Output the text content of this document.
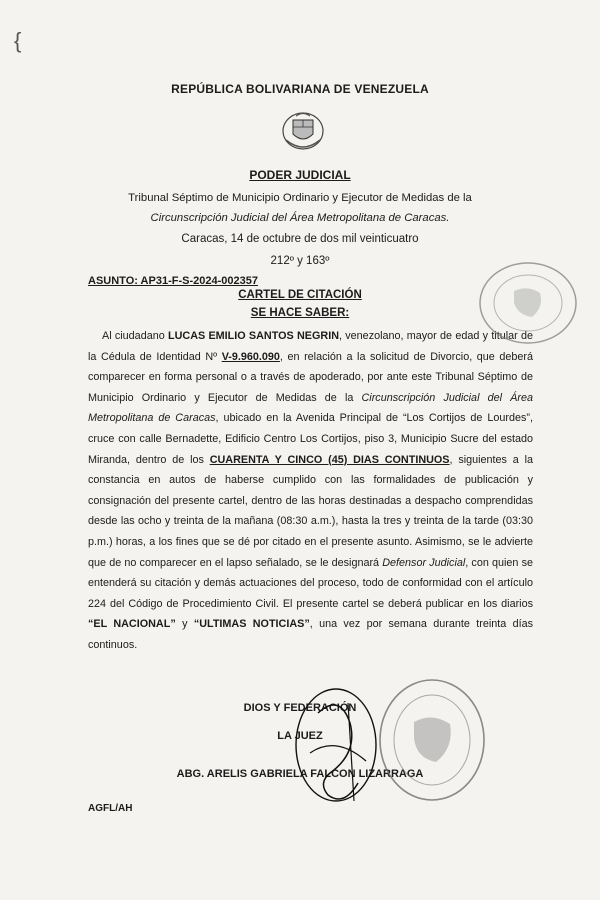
{
REPÚBLICA BOLIVARIANA DE VENEZUELA
PODER JUDICIAL
Tribunal Séptimo de Municipio Ordinario y Ejecutor de Medidas de la
Circunscripción Judicial del Área Metropolitana de Caracas.
Caracas, 14 de octubre de dos mil veinticuatro
212º y 163º
ASUNTO: AP31-F-S-2024-002357
CARTEL DE CITACIÓN
SE HACE SABER:
Al ciudadano LUCAS EMILIO SANTOS NEGRIN, venezolano, mayor de edad y titular de la Cédula de Identidad Nº V-9.960.090, en relación a la solicitud de Divorcio, que deberá comparecer en forma personal o a través de apoderado, por ante este Tribunal Séptimo de Municipio Ordinario y Ejecutor de Medidas de la Circunscripción Judicial del Área Metropolitana de Caracas, ubicado en la Avenida Principal de “Los Cortijos de Lourdes”, cruce con calle Bernadette, Edificio Centro Los Cortijos, piso 3, Municipio Sucre del estado Miranda, dentro de los CUARENTA Y CINCO (45) DIAS CONTINUOS, siguientes a la constancia en autos de haberse cumplido con las formalidades de publicación y consignación del presente cartel, dentro de las horas destinadas a despacho comprendidas desde las ocho y treinta de la mañana (08:30 a.m.), hasta la tres y treinta de la tarde (03:30 p.m.) horas, a los fines que se dé por citado en el presente asunto. Asimismo, se le advierte que de no comparecer en el lapso señalado, se le designará Defensor Judicial, con quien se entenderá su citación y demás actuaciones del proceso, todo de conformidad con el artículo 224 del Código de Procedimiento Civil. El presente cartel se deberá publicar en los diarios “EL NACIONAL” y “ULTIMAS NOTICIAS”, una vez por semana durante treinta días continuos.
DIOS Y FEDERACIÓN
LA JUEZ
ABG. ARELIS GABRIELA FALCON LIZARRAGA
AGFL/AH
